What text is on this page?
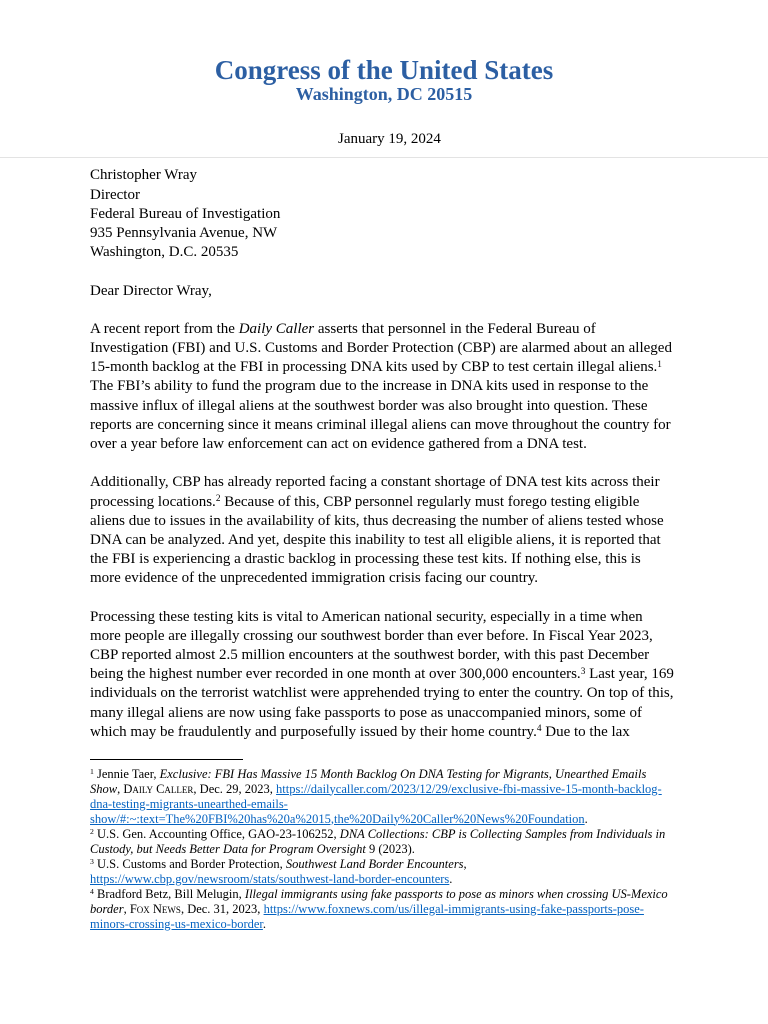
Congress of the United States
Washington, DC 20515
January 19, 2024
Christopher Wray
Director
Federal Bureau of Investigation
935 Pennsylvania Avenue, NW
Washington, D.C. 20535
Dear Director Wray,
A recent report from the Daily Caller asserts that personnel in the Federal Bureau of
Investigation (FBI) and U.S. Customs and Border Protection (CBP) are alarmed about an alleged
15-month backlog at the FBI in processing DNA kits used by CBP to test certain illegal aliens.$^1$
The FBI’s ability to fund the program due to the increase in DNA kits used in response to the
massive influx of illegal aliens at the southwest border was also brought into question. These
reports are concerning since it means criminal illegal aliens can move throughout the country for
over a year before law enforcement can act on evidence gathered from a DNA test.
Additionally, CBP has already reported facing a constant shortage of DNA test kits across their
processing locations.$^2$ Because of this, CBP personnel regularly must forego testing eligible
aliens due to issues in the availability of kits, thus decreasing the number of aliens tested whose
DNA can be analyzed. And yet, despite this inability to test all eligible aliens, it is reported that
the FBI is experiencing a drastic backlog in processing these test kits. If nothing else, this is
more evidence of the unprecedented immigration crisis facing our country.
Processing these testing kits is vital to American national security, especially in a time when
more people are illegally crossing our southwest border than ever before. In Fiscal Year 2023,
CBP reported almost 2.5 million encounters at the southwest border, with this past December
being the highest number ever recorded in one month at over 300,000 encounters.$^3$ Last year, 169
individuals on the terrorist watchlist were apprehended trying to enter the country. On top of this,
many illegal aliens are now using fake passports to pose as unaccompanied minors, some of
which may be fraudulently and purposefully issued by their home country.$^4$ Due to the lax
$^1$ Jennie Taer, Exclusive: FBI Has Massive 15 Month Backlog On DNA Testing for Migrants, Unearthed Emails
Show, Daily Caller, Dec. 29, 2023, https://dailycaller.com/2023/12/29/exclusive-fbi-massive-15-month-backlog-
dna-testing-migrants-unearthed-emails-
show/#:~:text=The%20FBI%20has%20a%2015,the%20Daily%20Caller%20News%20Foundation.
$^2$ U.S. Gen. Accounting Office, GAO-23-106252, DNA Collections: CBP is Collecting Samples from Individuals in
Custody, but Needs Better Data for Program Oversight 9 (2023).
$^3$ U.S. Customs and Border Protection, Southwest Land Border Encounters,
https://www.cbp.gov/newsroom/stats/southwest-land-border-encounters.
$^4$ Bradford Betz, Bill Melugin, Illegal immigrants using fake passports to pose as minors when crossing US-Mexico
border, Fox News, Dec. 31, 2023, https://www.foxnews.com/us/illegal-immigrants-using-fake-passports-pose-
minors-crossing-us-mexico-border.
